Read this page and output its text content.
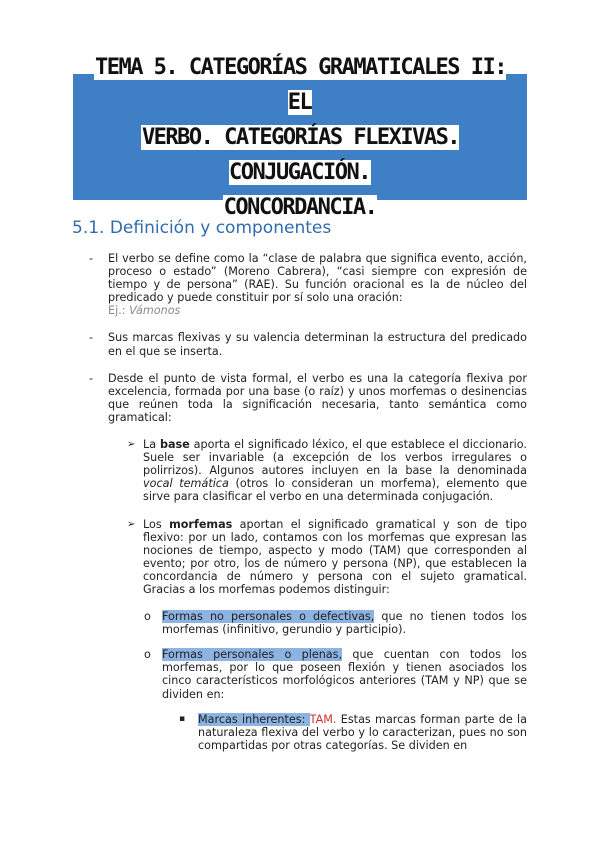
TEMA 5. CATEGORÍAS GRAMATICALES II: EL
VERBO. CATEGORÍAS FLEXIVAS. CONJUGACIÓN.
CONCORDANCIA.
5.1. Definición y componentes
- El verbo se define como la “clase de palabra que significa evento, acción, proceso o estado” (Moreno Cabrera), “casi siempre con expresión de tiempo y de persona” (RAE). Su función oracional es la de núcleo del predicado y puede constituir por sí solo una oración:
Ej.: Vámonos
- Sus marcas flexivas y su valencia determinan la estructura del predicado en el que se inserta.
- Desde el punto de vista formal, el verbo es una la categoría flexiva por excelencia, formada por una base (o raíz) y unos morfemas o desinencias que reúnen toda la significación necesaria, tanto semántica como gramatical:
➢ La base aporta el significado léxico, el que establece el diccionario. Suele ser invariable (a excepción de los verbos irregulares o polirrizos). Algunos autores incluyen en la base la denominada vocal temática (otros lo consideran un morfema), elemento que sirve para clasificar el verbo en una determinada conjugación.
➢ Los morfemas aportan el significado gramatical y son de tipo flexivo: por un lado, contamos con los morfemas que expresan las nociones de tiempo, aspecto y modo (TAM) que corresponden al evento; por otro, los de número y persona (NP), que establecen la concordancia de número y persona con el sujeto gramatical. Gracias a los morfemas podemos distinguir:
o Formas no personales o defectivas, que no tienen todos los morfemas (infinitivo, gerundio y participio).
o Formas personales o plenas, que cuentan con todos los morfemas, por lo que poseen flexión y tienen asociados los cinco característicos morfológicos anteriores (TAM y NP) que se dividen en:
▪ Marcas inherentes: TAM. Estas marcas forman parte de la naturaleza flexiva del verbo y lo caracterizan, pues no son compartidas por otras categorías. Se dividen en
